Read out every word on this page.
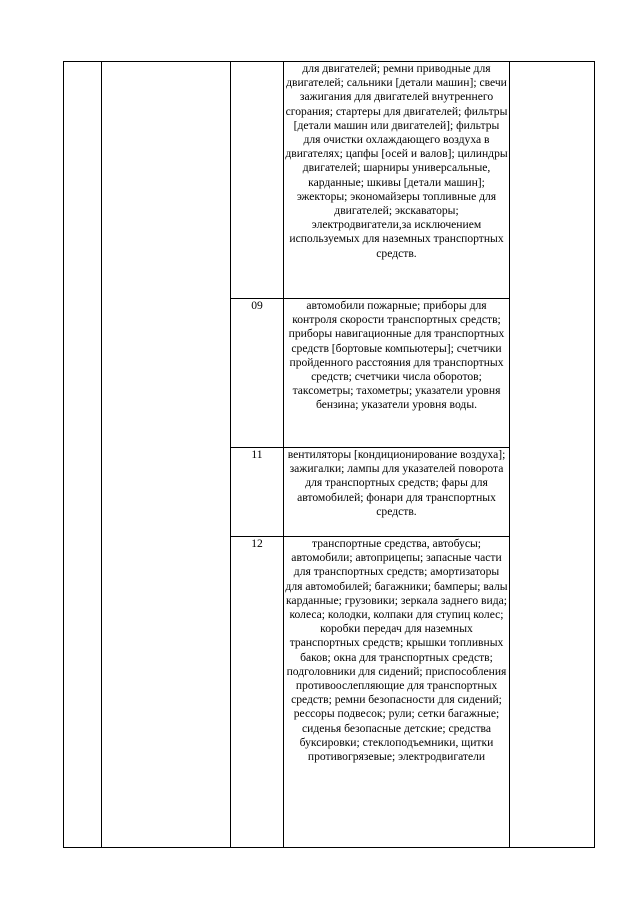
			для двигателей; ремни приводные для двигателей; сальники [детали машин]; свечи зажигания для двигателей внутреннего сгорания; стартеры для двигателей; фильтры [детали машин или двигателей]; фильтры для очистки охлаждающего воздуха в двигателях; цапфы [осей и валов]; цилиндры двигателей; шарниры универсальные, карданные; шкивы [детали машин]; эжекторы; экономайзеры топливные для двигателей; экскаваторы; электродвигатели,за исключением используемых для наземных транспортных средств.	

		09	автомобили пожарные; приборы для контроля скорости транспортных средств; приборы навигационные для транспортных средств [бортовые компьютеры]; счетчики пройденного расстояния для транспортных средств; счетчики числа оборотов; таксометры; тахометры; указатели уровня бензина; указатели уровня воды.	

		11	вентиляторы [кондиционирование воздуха]; зажигалки; лампы для указателей поворота для транспортных средств; фары для автомобилей; фонари для транспортных средств.	

		12	транспортные средства, автобусы; автомобили; автоприцепы; запасные части для транспортных средств; амортизаторы для автомобилей; багажники; бамперы; валы карданные; грузовики; зеркала заднего вида; колеса; колодки, колпаки для ступиц колес; коробки передач для наземных транспортных средств; крышки топливных баков; окна для транспортных средств; подголовники для сидений; приспособления противоослепляющие для транспортных средств; ремни безопасности для сидений; рессоры подвесок; рули; сетки багажные; сиденья безопасные детские; средства буксировки; стеклоподъемники, щитки противогрязевые; электродвигатели	
